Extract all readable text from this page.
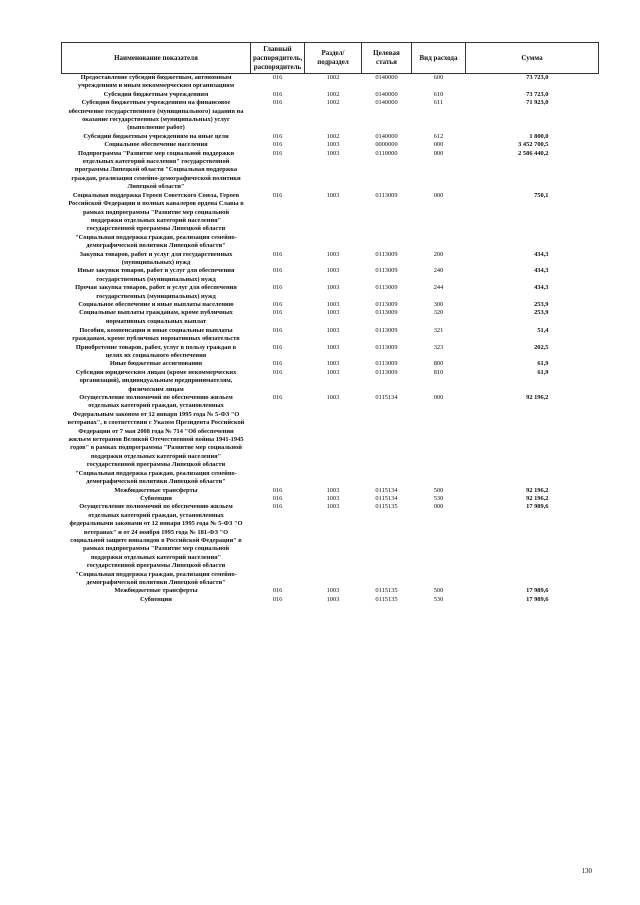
Наименование показателя	Главный распорядитель, распорядитель	Раздел/подраздел	Целевая статья	Вид расхода	Сумма
Предоставление субсидий бюджетным, автономным учреждениям и иным некоммерческим организациям	016	1002	0140000	600	73 723,0
Субсидии бюджетным учреждениям	016	1002	0140000	610	73 723,0
Субсидии бюджетным учреждениям на финансовое обеспечение государственного (муниципального) задания на оказание государственных (муниципальных) услуг (выполнение работ)	016	1002	0140000	611	71 923,0
Субсидии бюджетным учреждениям на иные цели	016	1002	0140000	612	1 800,0
Социальное обеспечение населения	016	1003	0000000	000	3 452 700,5
Подпрограмма "Развитие мер социальной поддержки отдельных категорий населения" государственной программы Липецкой области "Социальная поддержка граждан, реализация семейно-демографической политики Липецкой области"	016	1003	0110000	000	2 586 440,2
Социальная поддержка Героев Советского Союза, Героев Российской Федерации и полных кавалеров ордена Славы в рамках подпрограммы "Развитие мер социальной поддержки отдельных категорий населения" государственной программы Липецкой области "Социальная поддержка граждан, реализация семейно-демографической политики Липецкой области"	016	1003	0113009	000	750,1
Закупка товаров, работ и услуг для государственных (муниципальных) нужд	016	1003	0113009	200	434,3
Иные закупки товаров, работ и услуг для обеспечения государственных (муниципальных) нужд	016	1003	0113009	240	434,3
Прочая закупка товаров, работ и услуг для обеспечения государственных (муниципальных) нужд	016	1003	0113009	244	434,3
Социальное обеспечение и иные выплаты населению	016	1003	0113009	300	253,9
Социальные выплаты гражданам, кроме публичных нормативных социальных выплат	016	1003	0113009	320	253,9
Пособия, компенсации и иные социальные выплаты гражданам, кроме публичных нормативных обязательств	016	1003	0113009	321	51,4
Приобретение товаров, работ, услуг в пользу граждан в целях их социального обеспечения	016	1003	0113009	323	202,5
Иные бюджетные ассигнования	016	1003	0113009	800	61,9
Субсидии юридическим лицам (кроме некоммерческих организаций), индивидуальным предпринимателям, физическим лицам	016	1003	0113009	810	61,9
Осуществление полномочий по обеспечению жильем отдельных категорий граждан, установленных Федеральным законом от 12 января 1995 года № 5-ФЗ "О ветеранах", в соответствии с Указом Президента Российской Федерации от 7 мая 2008 года № 714 "Об обеспечении жильем ветеранов Великой Отечественной войны 1941-1945 годов" в рамках подпрограммы "Развитие мер социальной поддержки отдельных категорий населения" государственной программы Липецкой области "Социальная поддержка граждан, реализация семейно-демографической политики Липецкой области"	016	1003	0115134	000	92 196,2
Межбюджетные трансферты	016	1003	0115134	500	92 196,2
Субвенции	016	1003	0115134	530	92 196,2
Осуществление полномочий по обеспечению жильем отдельных категорий граждан, установленных федеральными законами от 12 января 1995 года № 5-ФЗ "О ветеранах" и от 24 ноября 1995 года № 181-ФЗ "О социальной защите инвалидов в Российской Федерации" в рамках подпрограммы "Развитие мер социальной поддержки отдельных категорий населения" государственной программы Липецкой области "Социальная поддержка граждан, реализация семейно-демографической политики Липецкой области"	016	1003	0115135	000	17 989,6
Межбюджетные трансферты	016	1003	0115135	500	17 989,6
Субвенции	016	1003	0115135	530	17 989,6
130
